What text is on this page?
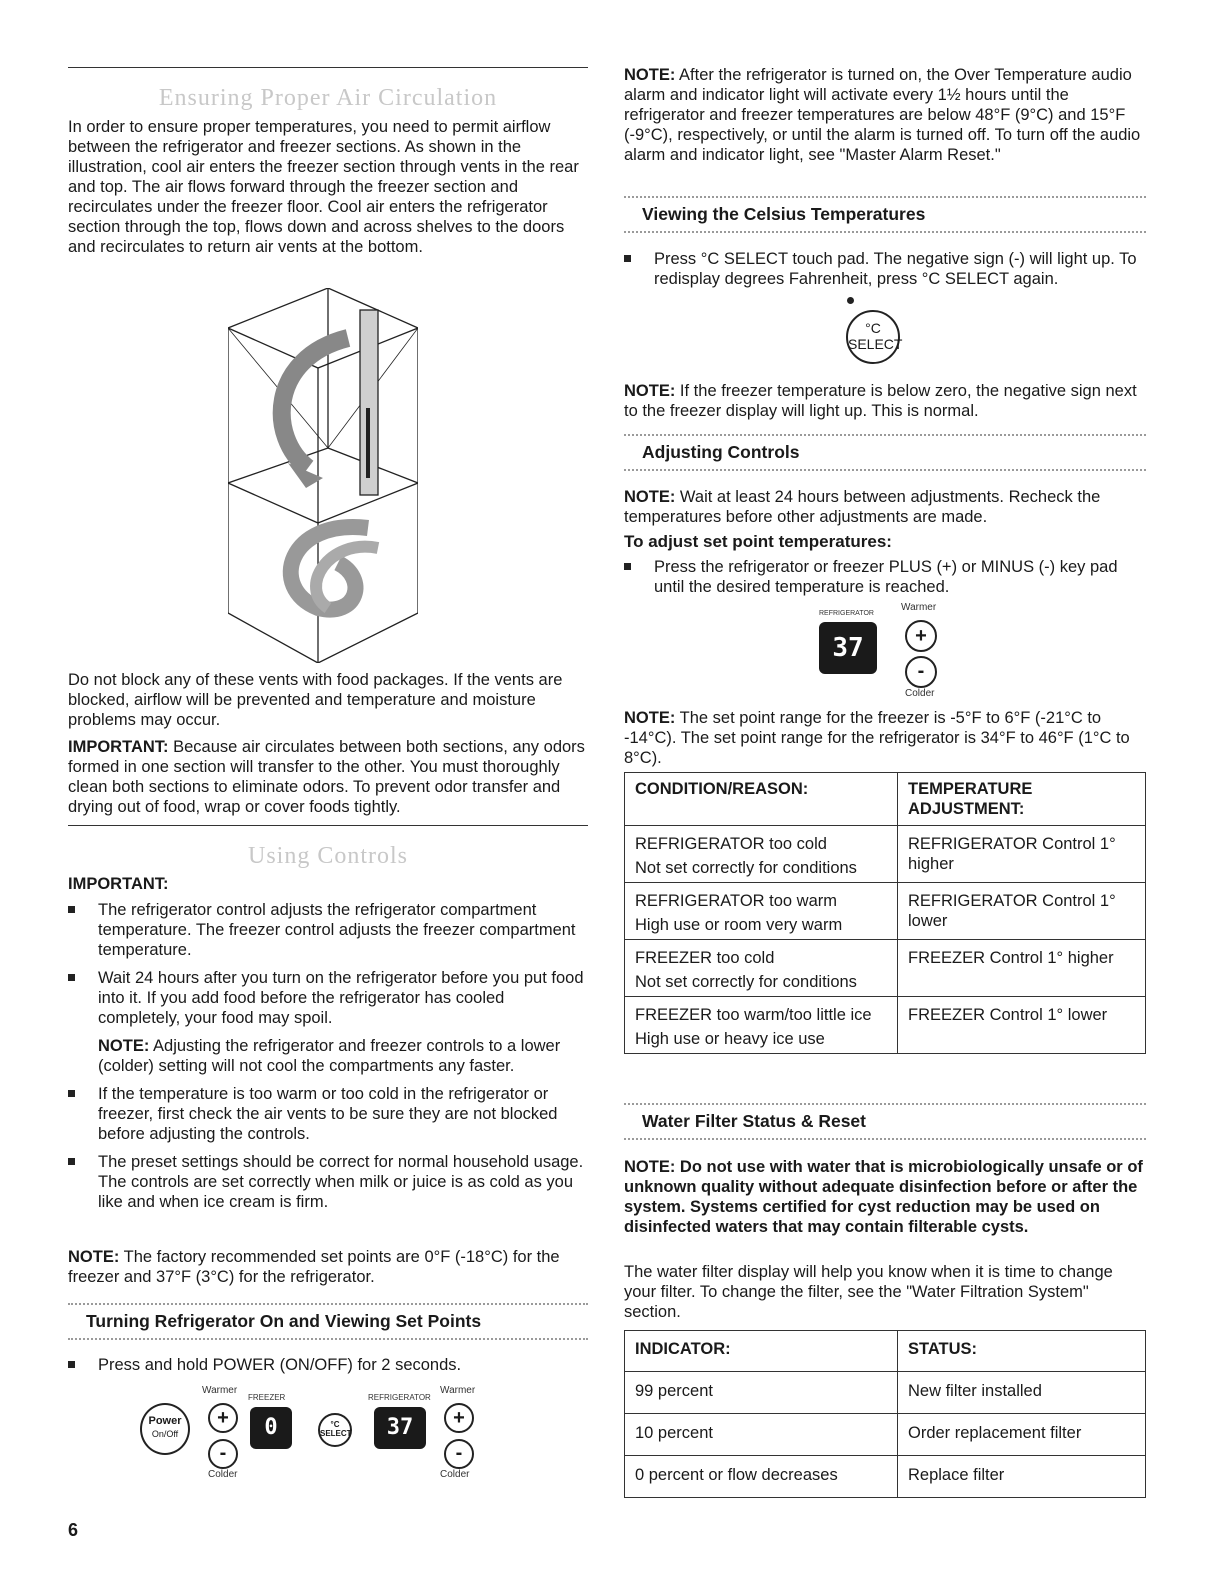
Ensuring Proper Air Circulation

In order to ensure proper temperatures, you need to permit airflow between the refrigerator and freezer sections. As shown in the illustration, cool air enters the freezer section through vents in the rear and top. The air flows forward through the freezer section and recirculates under the freezer floor. Cool air enters the refrigerator section through the top, flows down and across shelves to the doors and recirculates to return air vents at the bottom.

Do not block any of these vents with food packages. If the vents are blocked, airflow will be prevented and temperature and moisture problems may occur.

IMPORTANT: Because air circulates between both sections, any odors formed in one section will transfer to the other. You must thoroughly clean both sections to eliminate odors. To prevent odor transfer and drying out of food, wrap or cover foods tightly.

Using Controls

IMPORTANT:

The refrigerator control adjusts the refrigerator compartment temperature. The freezer control adjusts the freezer compartment temperature.

Wait 24 hours after you turn on the refrigerator before you put food into it. If you add food before the refrigerator has cooled completely, your food may spoil.

NOTE: Adjusting the refrigerator and freezer controls to a lower (colder) setting will not cool the compartments any faster.

If the temperature is too warm or too cold in the refrigerator or freezer, first check the air vents to be sure they are not blocked before adjusting the controls.

The preset settings should be correct for normal household usage. The controls are set correctly when milk or juice is as cold as you like and when ice cream is firm.

NOTE: The factory recommended set points are 0°F (-18°C) for the freezer and 37°F (3°C) for the refrigerator.

Turning Refrigerator On and Viewing Set Points

Press and hold POWER (ON/OFF) for 2 seconds.

Power
On/Off
Warmer
+
-
Colder
FREEZER
0	°C
SELECT
REFRIGERATOR
37
Warmer
+
-
Colder
6

NOTE: After the refrigerator is turned on, the Over Temperature audio alarm and indicator light will activate every 1½ hours until the refrigerator and freezer temperatures are below 48°F (9°C) and 15°F (-9°C), respectively, or until the alarm is turned off. To turn off the audio alarm and indicator light, see "Master Alarm Reset."

Viewing the Celsius Temperatures

Press °C SELECT touch pad. The negative sign (-) will light up. To redisplay degrees Fahrenheit, press °C SELECT again.

°C
SELECT

NOTE: If the freezer temperature is below zero, the negative sign next to the freezer display will light up. This is normal.

Adjusting Controls

NOTE: Wait at least 24 hours between adjustments. Recheck the temperatures before other adjustments are made.

To adjust set point temperatures:

Press the refrigerator or freezer PLUS (+) or MINUS (-) key pad until the desired temperature is reached.

REFRIGERATOR
Warmer
37	+
-
Colder

NOTE: The set point range for the freezer is -5°F to 6°F (-21°C to -14°C). The set point range for the refrigerator is 34°F to 46°F (1°C to 8°C).

CONDITION/REASON:	TEMPERATURE ADJUSTMENT:

REFRIGERATOR too cold
Not set correctly for conditions	REFRIGERATOR Control 1° higher

REFRIGERATOR too warm
High use or room very warm	REFRIGERATOR Control 1° lower

FREEZER too cold
Not set correctly for conditions	FREEZER Control 1° higher

FREEZER too warm/too little ice
High use or heavy ice use	FREEZER Control 1° lower
Water Filter Status & Reset

NOTE: Do not use with water that is microbiologically unsafe or of unknown quality without adequate disinfection before or after the system. Systems certified for cyst reduction may be used on disinfected waters that may contain filterable cysts.

The water filter display will help you know when it is time to change your filter. To change the filter, see the "Water Filtration System" section.

INDICATOR:	STATUS:
99 percent	New filter installed
10 percent	Order replacement filter
0 percent or flow decreases	Replace filter
